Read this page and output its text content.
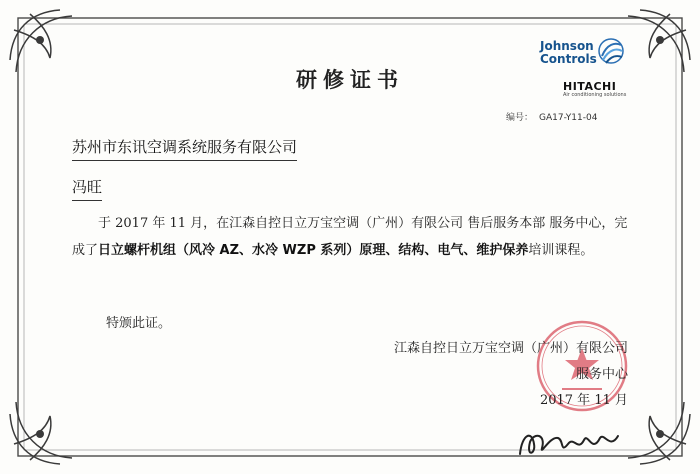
Johnson
Controls
HITACHI
Air conditioning solutions
研修证书
编号： GA17-Y11-04
苏州市东讯空调系统服务有限公司
冯旺
于 2017 年 11 月，在江森自控日立万宝空调（广州）有限公司 售后服务本部 服务中心，完成了日立螺杆机组（风冷 AZ、水冷 WZP 系列）原理、结构、电气、维护保养培训课程。
特颁此证。
江森自控日立万宝空调（广州）有限公司
服务中心
2017 年 11 月
